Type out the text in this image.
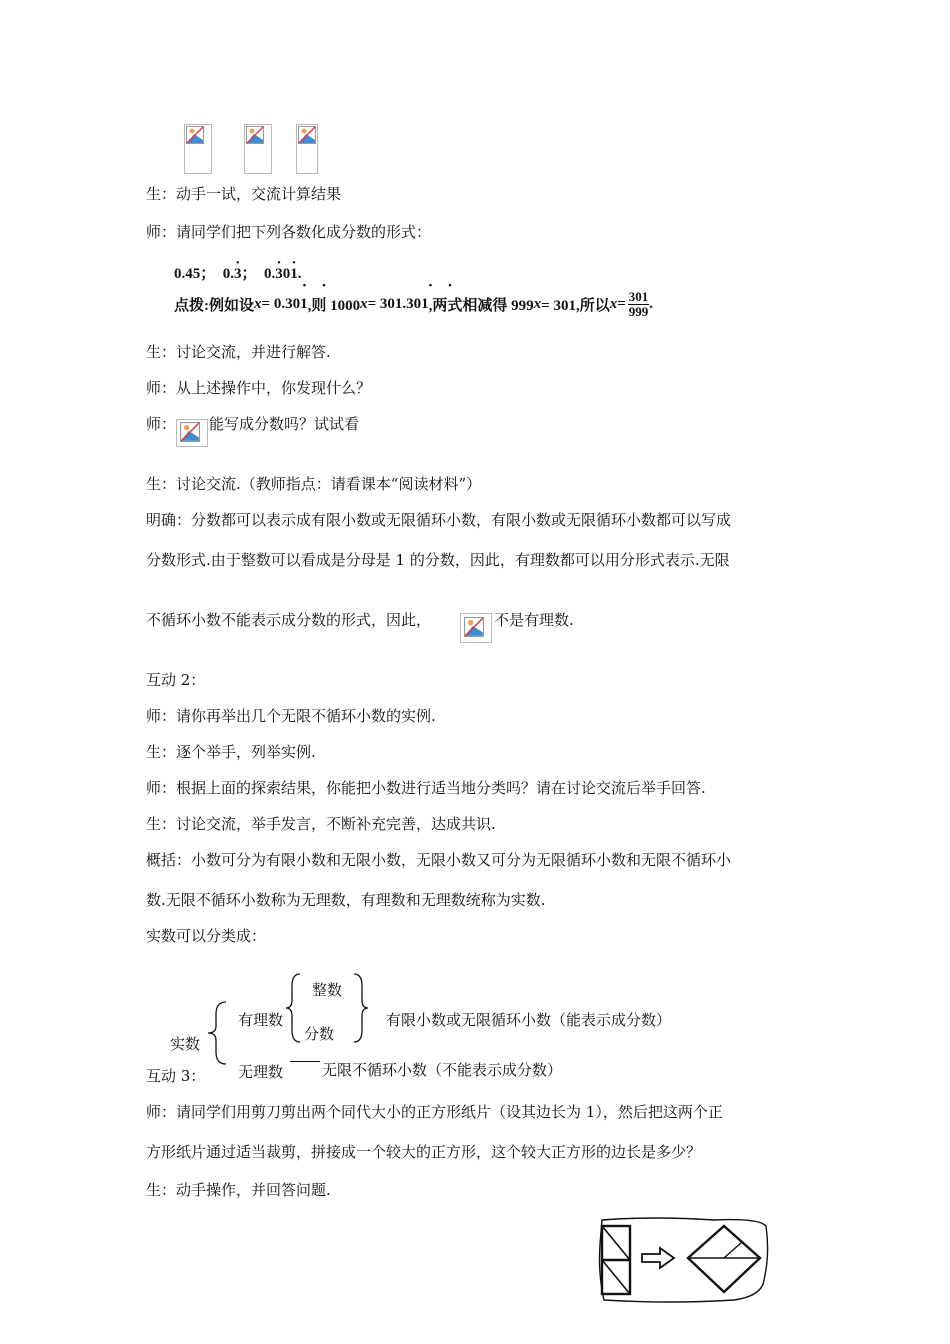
生：动手一试，交流计算结果
师：请同学们把下列各数化成分数的形式：
0.45； 0.· 3； 0.· 30· 1.
点拨: 例如设 x = 0. 301 ,则 1000 x = 301. 301 ,两式相减得 999 x = 301,所以 $x = \frac{301}{999}$ .
·   ·	·   ·
生：讨论交流，并进行解答.
师：从上述操作中，你发现什么？
师： 能写成分数吗？试试看
生：讨论交流.（教师指点：请看课本“阅读材料”）
明确：分数都可以表示成有限小数或无限循环小数，有限小数或无限循环小数都可以写成
分数形式.由于整数可以看成是分母是 1 的分数，因此，有理数都可以用分形式表示.无限
不循环小数不能表示成分数的形式，因此，	不是有理数.
互动 2：
师：请你再举出几个无限不循环小数的实例.
生：逐个举手，列举实例.
师：根据上面的探索结果，你能把小数进行适当地分类吗？请在讨论交流后举手回答.
生：讨论交流，举手发言，不断补充完善，达成共识.
概括：小数可分为有限小数和无限小数，无限小数又可分为无限循环小数和无限不循环小
数.无限不循环小数称为无理数，有理数和无理数统称为实数.
实数可以分类成：
实数
有理数
整数
分数
有限小数或无限循环小数（能表示成分数）
无理数	无限不循环小数（不能表示成分数）
互动 3：
师：请同学们用剪刀剪出两个同代大小的正方形纸片（设其边长为 1），然后把这两个正
方形纸片通过适当裁剪，拼接成一个较大的正方形，这个较大正方形的边长是多少？
生：动手操作，并回答问题.
